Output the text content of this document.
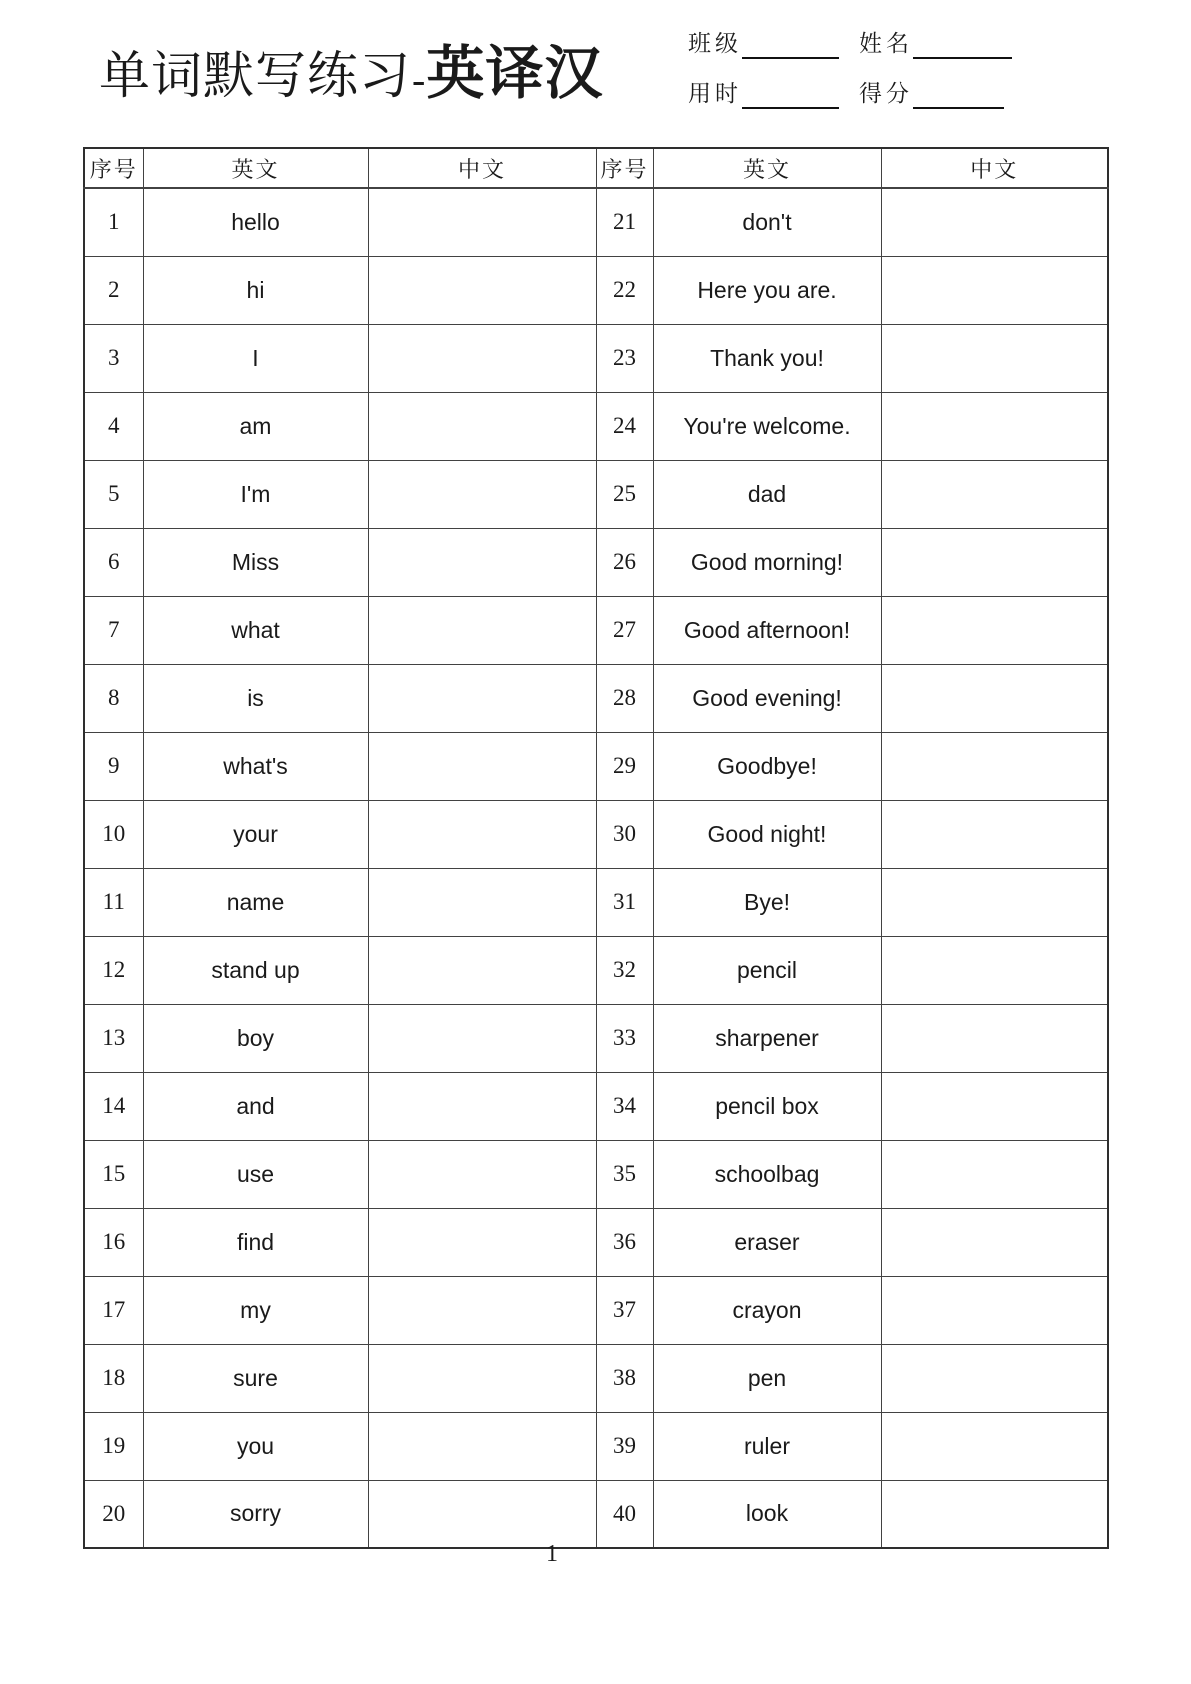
单词默写练习 - 英译汉	班级	姓名
用时	得分
序号	英文	中文	序号	英文	中文
1	hello		21	don't	
2	hi		22	Here you are.	
3	I		23	Thank you!	
4	am		24	You're welcome.	
5	I'm		25	dad	
6	Miss		26	Good morning!	
7	what		27	Good afternoon!	
8	is		28	Good evening!	
9	what's		29	Goodbye!	
10	your		30	Good night!	
11	name		31	Bye!	
12	stand up		32	pencil	
13	boy		33	sharpener	
14	and		34	pencil box	
15	use		35	schoolbag	
16	find		36	eraser	
17	my		37	crayon	
18	sure		38	pen	
19	you		39	ruler	
20	sorry		40	look	
1
